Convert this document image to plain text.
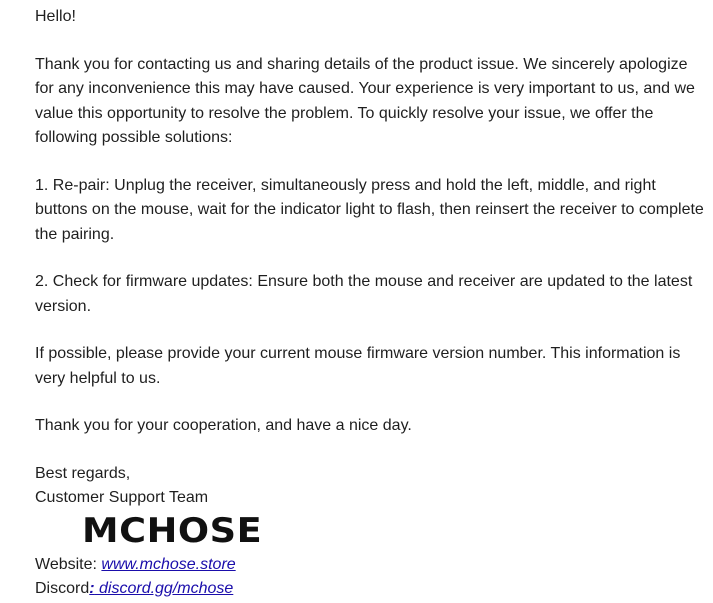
Hello!

Thank you for contacting us and sharing details of the product issue. We sincerely apologize for any inconvenience this may have caused. Your experience is very important to us, and we value this opportunity to resolve the problem. To quickly resolve your issue, we offer the following possible solutions:

1. Re-pair: Unplug the receiver, simultaneously press and hold the left, middle, and right buttons on the mouse, wait for the indicator light to flash, then reinsert the receiver to complete the pairing.

2. Check for firmware updates: Ensure both the mouse and receiver are updated to the latest version.

If possible, please provide your current mouse firmware version number. This information is very helpful to us.

Thank you for your cooperation, and have a nice day.

Best regards,

Customer Support Team

MCHOSE
Website: www.mchose.store
Discord: discord.gg/mchose
